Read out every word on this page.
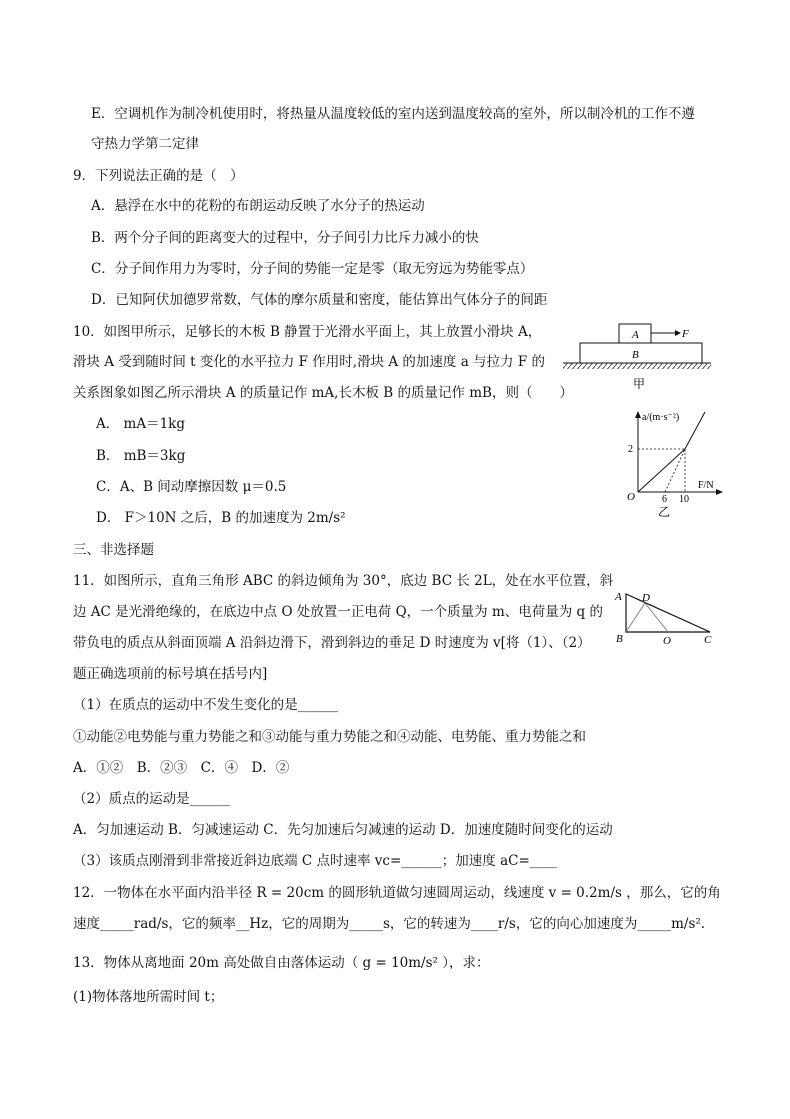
E．空调机作为制冷机使用时，将热量从温度较低的室内送到温度较高的室外，所以制冷机的工作不遵
守热力学第二定律
9．下列说法正确的是（　）
A．悬浮在水中的花粉的布朗运动反映了水分子的热运动
B．两个分子间的距离变大的过程中，分子间引力比斥力减小的快
C．分子间作用力为零时，分子间的势能一定是零（取无穷远为势能零点）
D．已知阿伏加德罗常数，气体的摩尔质量和密度，能估算出气体分子的间距
10．如图甲所示，足够长的木板 B 静置于光滑水平面上，其上放置小滑块 A，
滑块 A 受到随时间 t 变化的水平拉力 F 作用时,滑块 A 的加速度 a 与拉力 F 的
关系图象如图乙所示滑块 A 的质量记作 mA,长木板 B 的质量记作 mB，则（　　）
A． mA＝1kg
B． mB＝3kg
C．A、B 间动摩擦因数 μ＝0.5
D． F＞10N 之后，B 的加速度为 2m/s²
三、非选择题
11．如图所示，直角三角形 ABC 的斜边倾角为 30°，底边 BC 长 2L，处在水平位置，斜
边 AC 是光滑绝缘的，在底边中点 O 处放置一正电荷 Q，一个质量为 m、电荷量为 q 的
带负电的质点从斜面顶端 A 沿斜边滑下，滑到斜边的垂足 D 时速度为 v[将（1）、（2）
题正确选项前的标号填在括号内]
（1）在质点的运动中不发生变化的是______
①动能②电势能与重力势能之和③动能与重力势能之和④动能、电势能、重力势能之和
A．①②　B．②③　C．④　D．②
（2）质点的运动是______
A．匀加速运动 B．匀减速运动 C．先匀加速后匀减速的运动 D．加速度随时间变化的运动
（3）该质点刚滑到非常接近斜边底端 C 点时速率 vc=______；加速度 aC=____
12．一物体在水平面内沿半径 R = 20cm 的圆形轨道做匀速圆周运动，线速度 v = 0.2m/s ，那么，它的角
速度_____rad/s，它的频率__Hz，它的周期为_____s，它的转速为____r/s，它的向心加速度为_____m/s².
13．物体从离地面 20m 高处做自由落体运动（ g = 10m/s² ），求：
(1)物体落地所需时间 t；
A
B
F
甲
a/(m·s⁻²)
F/N
2
O	6 10
乙
A D
B	O	C
